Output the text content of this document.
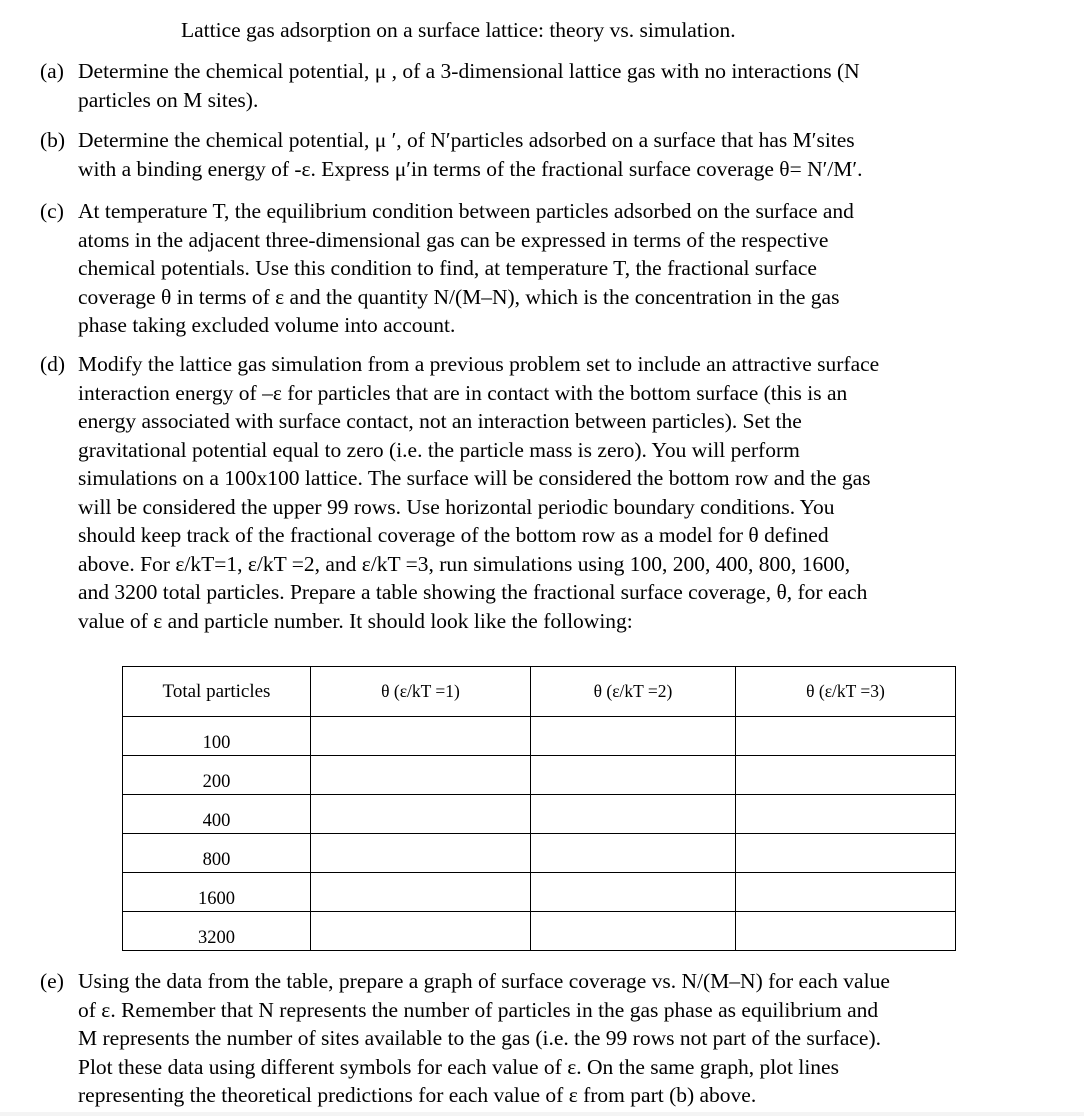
Lattice gas adsorption on a surface lattice: theory vs. simulation.
(a) Determine the chemical potential, μ , of a 3-dimensional lattice gas with no interactions (N
particles on M sites).
(b) Determine the chemical potential, μ ′, of N′particles adsorbed on a surface that has M′sites
with a binding energy of -ε. Express μ′in terms of the fractional surface coverage θ= N′/M′.
(c) At temperature T, the equilibrium condition between particles adsorbed on the surface and
atoms in the adjacent three-dimensional gas can be expressed in terms of the respective
chemical potentials. Use this condition to find, at temperature T, the fractional surface
coverage θ in terms of ε and the quantity N/(M–N), which is the concentration in the gas
phase taking excluded volume into account.
(d) Modify the lattice gas simulation from a previous problem set to include an attractive surface
interaction energy of –ε for particles that are in contact with the bottom surface (this is an
energy associated with surface contact, not an interaction between particles). Set the
gravitational potential equal to zero (i.e. the particle mass is zero). You will perform
simulations on a 100x100 lattice. The surface will be considered the bottom row and the gas
will be considered the upper 99 rows. Use horizontal periodic boundary conditions. You
should keep track of the fractional coverage of the bottom row as a model for θ defined
above. For ε/kT=1, ε/kT =2, and ε/kT =3, run simulations using 100, 200, 400, 800, 1600,
and 3200 total particles. Prepare a table showing the fractional surface coverage, θ, for each
value of ε and particle number. It should look like the following:
Total particles	θ (ε/kT =1)	θ (ε/kT =2)	θ (ε/kT =3)
100			
200			
400			
800			
1600			
3200			
(e) Using the data from the table, prepare a graph of surface coverage vs. N/(M–N) for each value
of ε. Remember that N represents the number of particles in the gas phase as equilibrium and
M represents the number of sites available to the gas (i.e. the 99 rows not part of the surface).
Plot these data using different symbols for each value of ε. On the same graph, plot lines
representing the theoretical predictions for each value of ε from part (b) above.
